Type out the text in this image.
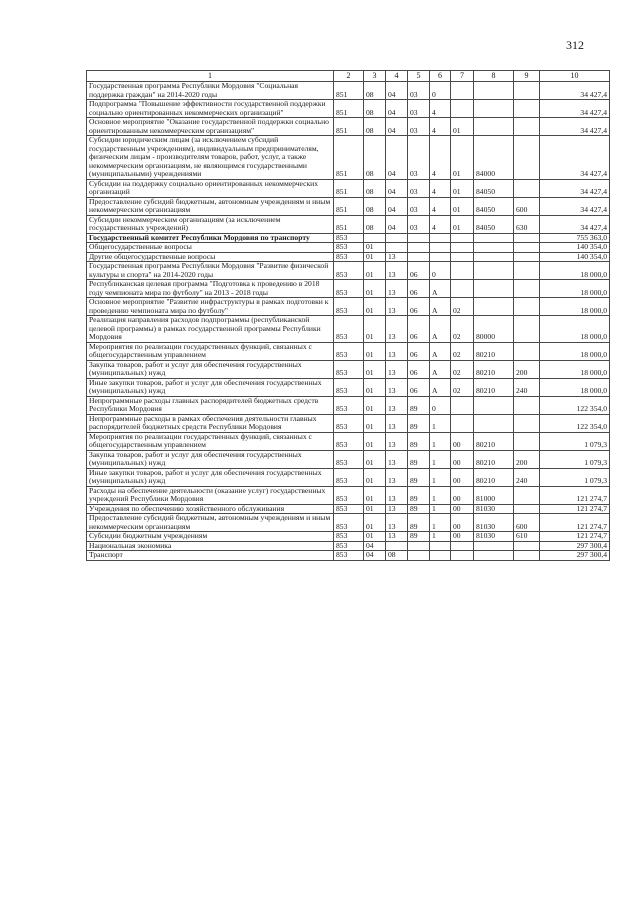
312
1	2	3	4	5	6	7	8	9	10
Государственная программа Республики Мордовия "Социальная поддержка граждан" на 2014-2020 годы	851	08	04	03	0				34 427,4
Подпрограмма "Повышение эффективности государственной поддержки социально ориентированных некоммерческих организаций"	851	08	04	03	4				34 427,4
Основное мероприятие "Оказание государственной поддержки социально ориентированным некоммерческим организациям"	851	08	04	03	4	01			34 427,4
Субсидии юридическим лицам (за исключением субсидий государственным учреждениям), индивидуальным предпринимателям, физическим лицам - производителям товаров, работ, услуг, а также некоммерческим организациям, не являющимся государственными (муниципальными) учреждениями	851	08	04	03	4	01	84000		34 427,4
Субсидии на поддержку социально ориентированных некоммерческих организаций	851	08	04	03	4	01	84050		34 427,4
Предоставление субсидий бюджетным, автономным учреждениям и иным некоммерческим организациям	851	08	04	03	4	01	84050	600	34 427,4
Субсидии некоммерческим организациям (за исключением государственных учреждений)	851	08	04	03	4	01	84050	630	34 427,4
Государственный комитет Республики Мордовия по транспорту	853								755 363,0
Общегосударственные вопросы	853	01							140 354,0
Другие общегосударственные вопросы	853	01	13						140 354,0
Государственная программа Республики Мордовия "Развитие физической культуры и спорта" на 2014-2020 годы	853	01	13	06	0				18 000,0
Республиканская целевая программа "Подготовка к проведению в 2018 году чемпионата мира по футболу" на 2013 - 2018 годы	853	01	13	06	А				18 000,0
Основное мероприятие "Развитие инфраструктуры в рамках подготовки к проведению чемпионата мира по футболу"	853	01	13	06	А	02			18 000,0
Реализация направления расходов подпрограммы (республиканской целевой программы) в рамках государственной программы Республики Мордовия	853	01	13	06	А	02	80000		18 000,0
Мероприятия по реализации государственных функций, связанных с общегосударственным управлением	853	01	13	06	А	02	80210		18 000,0
Закупка товаров, работ и услуг для обеспечения государственных (муниципальных) нужд	853	01	13	06	А	02	80210	200	18 000,0
Иные закупки товаров, работ и услуг для обеспечения государственных (муниципальных) нужд	853	01	13	06	А	02	80210	240	18 000,0
Непрограммные расходы главных распорядителей бюджетных средств Республики Мордовия	853	01	13	89	0				122 354,0
Непрограммные расходы в рамках обеспечения деятельности главных распорядителей бюджетных средств Республики Мордовия	853	01	13	89	1				122 354,0
Мероприятия по реализации государственных функций, связанных с общегосударственным управлением	853	01	13	89	1	00	80210		1 079,3
Закупка товаров, работ и услуг для обеспечения государственных (муниципальных) нужд	853	01	13	89	1	00	80210	200	1 079,3
Иные закупки товаров, работ и услуг для обеспечения государственных (муниципальных) нужд	853	01	13	89	1	00	80210	240	1 079,3
Расходы на обеспечение деятельности (оказание услуг) государственных учреждений Республики Мордовия	853	01	13	89	1	00	81000		121 274,7
Учреждения по обеспечению хозяйственного обслуживания	853	01	13	89	1	00	81030		121 274,7
Предоставление субсидий бюджетным, автономным учреждениям и иным некоммерческим организациям	853	01	13	89	1	00	81030	600	121 274,7
Субсидии бюджетным учреждениям	853	01	13	89	1	00	81030	610	121 274,7
Национальная экономика	853	04							297 300,4
Транспорт	853	04	08						297 300,4
